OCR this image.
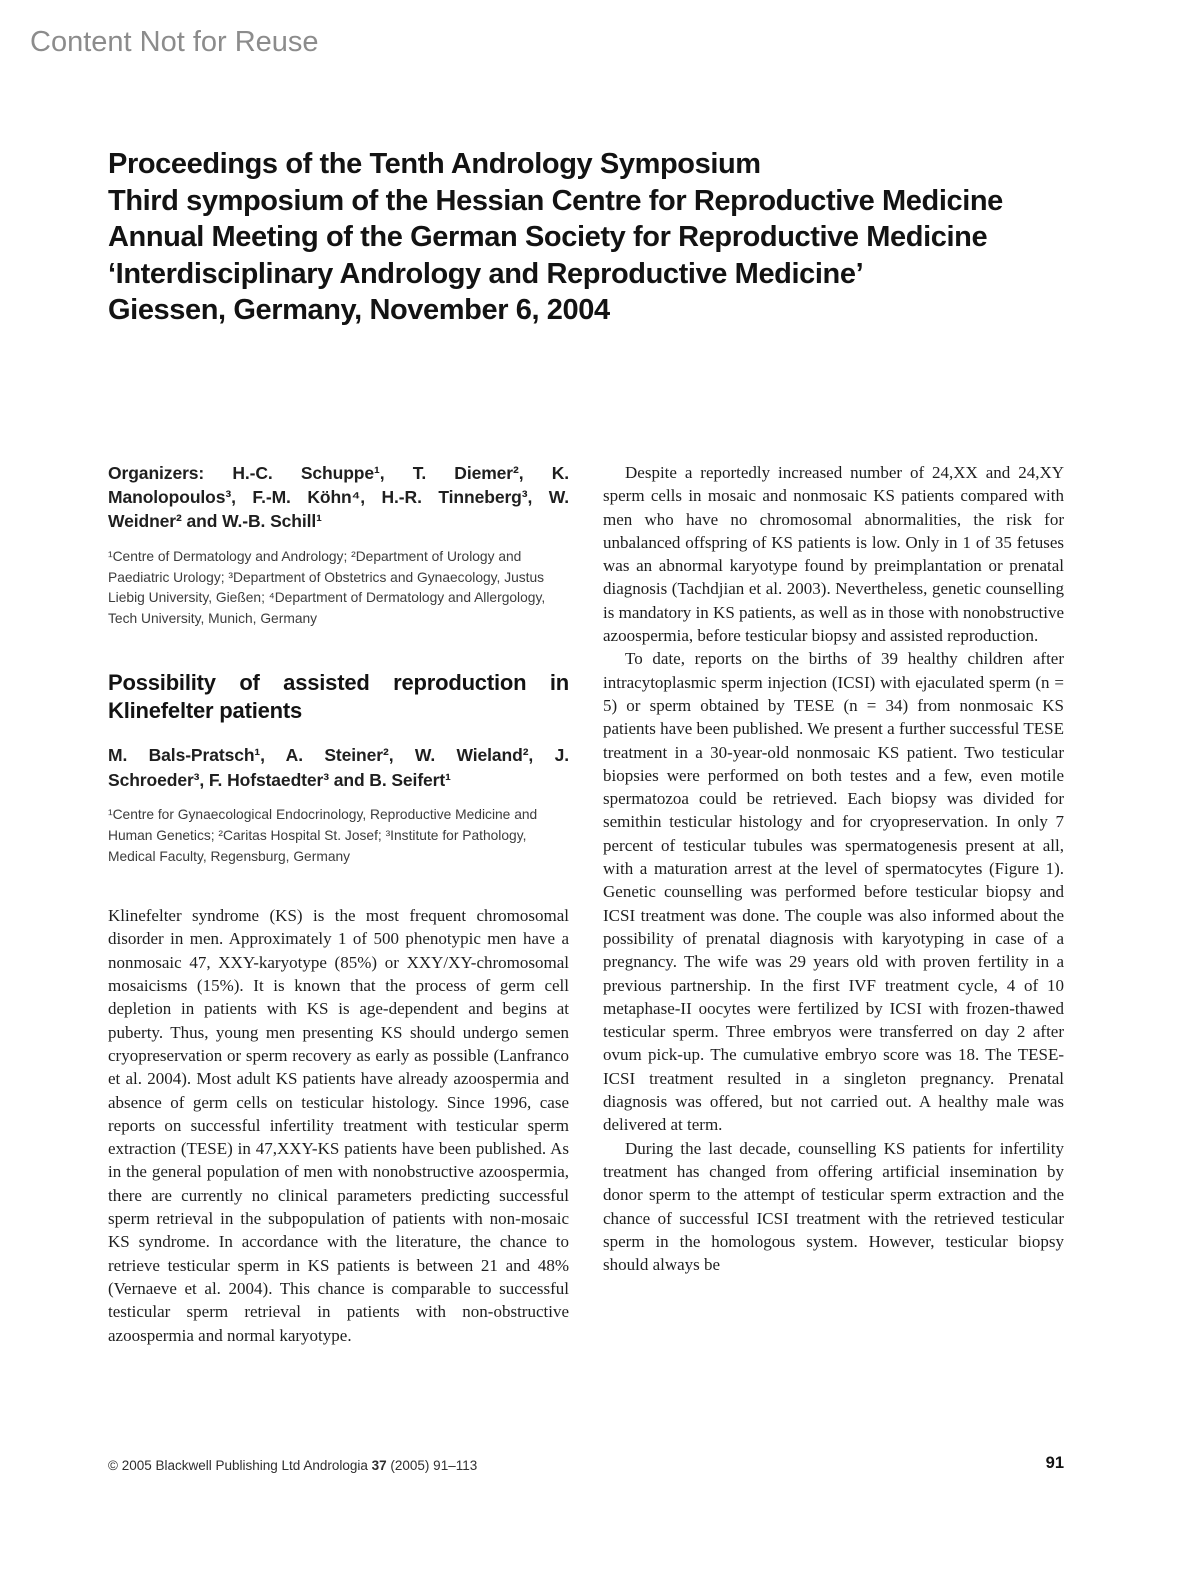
Content Not for Reuse
Proceedings of the Tenth Andrology Symposium
Third symposium of the Hessian Centre for Reproductive Medicine
Annual Meeting of the German Society for Reproductive Medicine
‘Interdisciplinary Andrology and Reproductive Medicine’
Giessen, Germany, November 6, 2004

Organizers: H.-C. Schuppe¹, T. Diemer², K. Manolopoulos³, F.-M. Köhn⁴, H.-R. Tinneberg³, W. Weidner² and W.-B. Schill¹

¹Centre of Dermatology and Andrology; ²Department of Urology and Paediatric Urology; ³Department of Obstetrics and Gynaecology, Justus Liebig University, Gießen; ⁴Department of Dermatology and Allergology, Tech University, Munich, Germany

Possibility of assisted reproduction in Klinefelter patients

M. Bals-Pratsch¹, A. Steiner², W. Wieland², J. Schroeder³, F. Hofstaedter³ and B. Seifert¹

¹Centre for Gynaecological Endocrinology, Reproductive Medicine and Human Genetics; ²Caritas Hospital St. Josef; ³Institute for Pathology, Medical Faculty, Regensburg, Germany

Klinefelter syndrome (KS) is the most frequent chromosomal disorder in men. Approximately 1 of 500 phenotypic men have a nonmosaic 47, XXY-karyotype (85%) or XXY/XY-chromosomal mosaicisms (15%). It is known that the process of germ cell depletion in patients with KS is age-dependent and begins at puberty. Thus, young men presenting KS should undergo semen cryopreservation or sperm recovery as early as possible (Lanfranco et al. 2004). Most adult KS patients have already azoospermia and absence of germ cells on testicular histology. Since 1996, case reports on successful infertility treatment with testicular sperm extraction (TESE) in 47,XXY-KS patients have been published. As in the general population of men with nonobstructive azoospermia, there are currently no clinical parameters predicting successful sperm retrieval in the subpopulation of patients with non-mosaic KS syndrome. In accordance with the literature, the chance to retrieve testicular sperm in KS patients is between 21 and 48% (Vernaeve et al. 2004). This chance is comparable to successful testicular sperm retrieval in patients with non-obstructive azoospermia and normal karyotype.

Despite a reportedly increased number of 24,XX and 24,XY sperm cells in mosaic and nonmosaic KS patients compared with men who have no chromosomal abnormalities, the risk for unbalanced offspring of KS patients is low. Only in 1 of 35 fetuses was an abnormal karyotype found by preimplantation or prenatal diagnosis (Tachdjian et al. 2003). Nevertheless, genetic counselling is mandatory in KS patients, as well as in those with nonobstructive azoospermia, before testicular biopsy and assisted reproduction.

To date, reports on the births of 39 healthy children after intracytoplasmic sperm injection (ICSI) with ejaculated sperm (n = 5) or sperm obtained by TESE (n = 34) from nonmosaic KS patients have been published. We present a further successful TESE treatment in a 30-year-old nonmosaic KS patient. Two testicular biopsies were performed on both testes and a few, even motile spermatozoa could be retrieved. Each biopsy was divided for semithin testicular histology and for cryopreservation. In only 7 percent of testicular tubules was spermatogenesis present at all, with a maturation arrest at the level of spermatocytes (Figure 1). Genetic counselling was performed before testicular biopsy and ICSI treatment was done. The couple was also informed about the possibility of prenatal diagnosis with karyotyping in case of a pregnancy. The wife was 29 years old with proven fertility in a previous partnership. In the first IVF treatment cycle, 4 of 10 metaphase-II oocytes were fertilized by ICSI with frozen-thawed testicular sperm. Three embryos were transferred on day 2 after ovum pick-up. The cumulative embryo score was 18. The TESE-ICSI treatment resulted in a singleton pregnancy. Prenatal diagnosis was offered, but not carried out. A healthy male was delivered at term.

During the last decade, counselling KS patients for infertility treatment has changed from offering artificial insemination by donor sperm to the attempt of testicular sperm extraction and the chance of successful ICSI treatment with the retrieved testicular sperm in the homologous system. However, testicular biopsy should always be

© 2005 Blackwell Publishing Ltd Andrologia 37 (2005) 91–113	91
